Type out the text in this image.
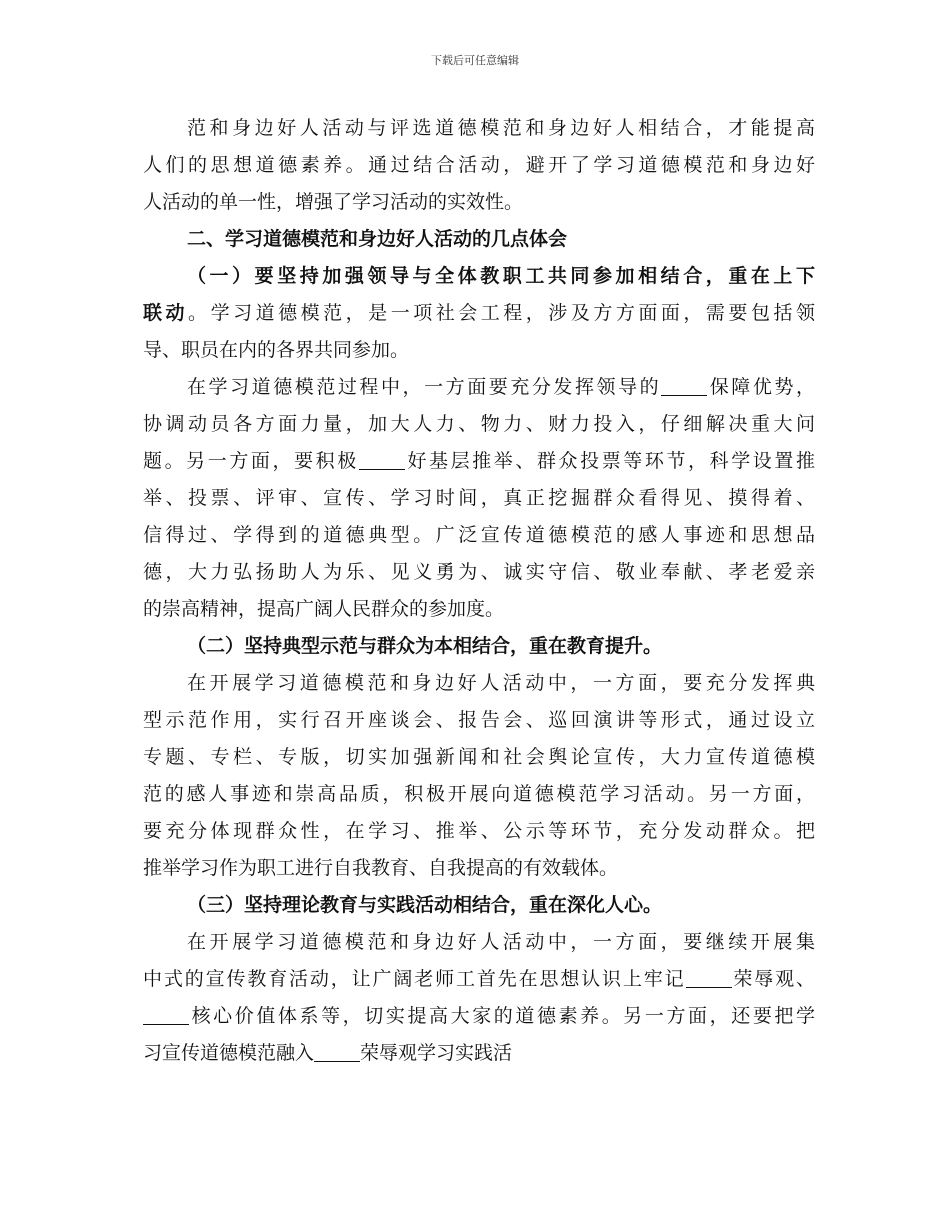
下载后可任意编辑
范和身边好人活动与评选道德模范和身边好人相结合，才能提高
人们的思想道德素养。通过结合活动，避开了学习道德模范和身边好
人活动的单一性，增强了学习活动的实效性。
二、学习道德模范和身边好人活动的几点体会
（一）要坚持加强领导与全体教职工共同参加相结合，重在上下
联动。学习道德模范，是一项社会工程，涉及方方面面，需要包括领
导、职员在内的各界共同参加。
在学习道德模范过程中，一方面要充分发挥领导的 保障优势，
协调动员各方面力量，加大人力、物力、财力投入，仔细解决重大问
题。另一方面，要积极 好基层推举、群众投票等环节，科学设置推
举、投票、评审、宣传、学习时间，真正挖掘群众看得见、摸得着、
信得过、学得到的道德典型。广泛宣传道德模范的感人事迹和思想品
德，大力弘扬助人为乐、见义勇为、诚实守信、敬业奉献、孝老爱亲
的崇高精神，提高广阔人民群众的参加度。
（二）坚持典型示范与群众为本相结合，重在教育提升。
在开展学习道德模范和身边好人活动中，一方面，要充分发挥典
型示范作用，实行召开座谈会、报告会、巡回演讲等形式，通过设立
专题、专栏、专版，切实加强新闻和社会舆论宣传，大力宣传道德模
范的感人事迹和崇高品质，积极开展向道德模范学习活动。另一方面，
要充分体现群众性，在学习、推举、公示等环节，充分发动群众。把
推举学习作为职工进行自我教育、自我提高的有效载体。
（三）坚持理论教育与实践活动相结合，重在深化人心。
在开展学习道德模范和身边好人活动中，一方面，要继续开展集
中式的宣传教育活动，让广阔老师工首先在思想认识上牢记 荣辱观、
核心价值体系等，切实提高大家的道德素养。另一方面，还要把学
习宣传道德模范融入 荣辱观学习实践活
